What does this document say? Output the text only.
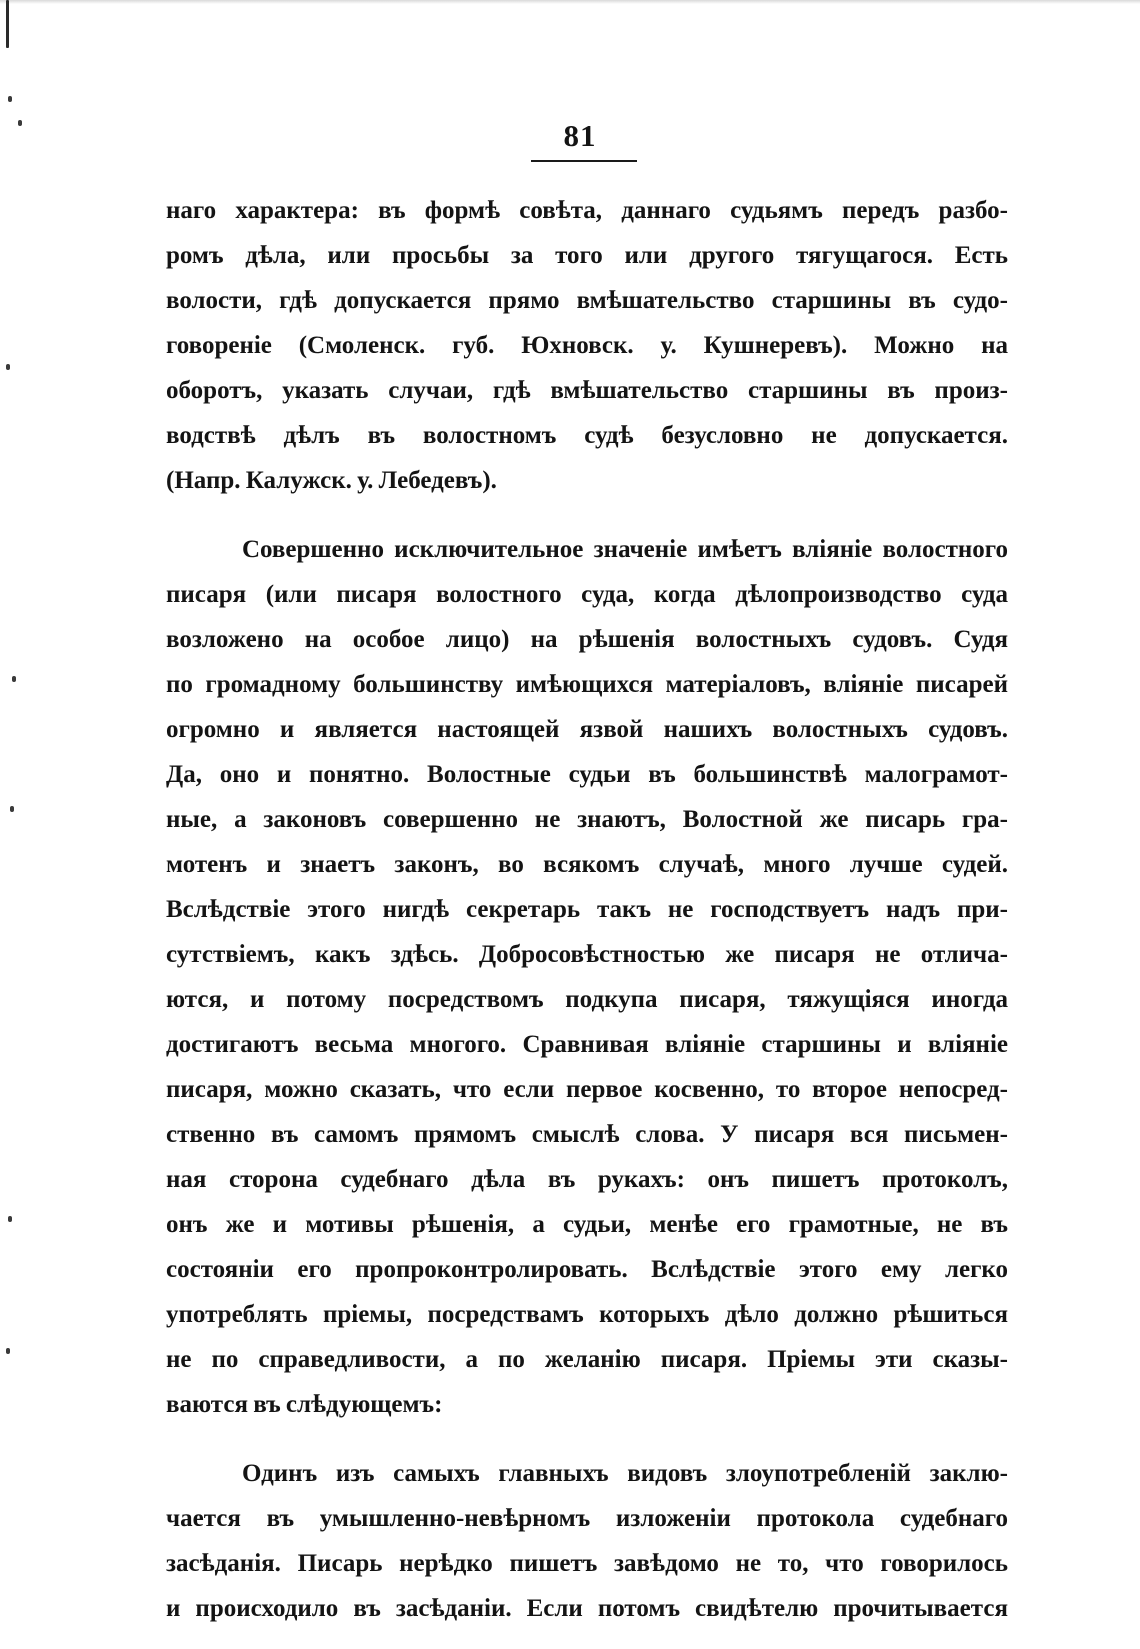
81
наго характера: въ формѣ совѣта, даннаго судьямъ передъ разбо-
ромъ дѣла, или просьбы за того или другого тягущагося. Есть
волости, гдѣ допускается прямо вмѣшательство старшины въ судо-
говореніе (Смоленск. губ. Юхновск. у. Кушнеревъ). Можно на
оборотъ, указать случаи, гдѣ вмѣшательство старшины въ произ-
водствѣ дѣлъ въ волостномъ судѣ безусловно не допускается.
(Напр. Калужск. у. Лебедевъ).
Совершенно исключительное значеніе имѣетъ вліяніе волостного
писаря (или писаря волостного суда, когда дѣлопроизводство суда
возложено на особое лицо) на рѣшенія волостныхъ судовъ. Судя
по громадному большинству имѣющихся матеріаловъ, вліяніе писарей
огромно и является настоящей язвой нашихъ волостныхъ судовъ.
Да, оно и понятно. Волостные судьи въ большинствѣ малограмот-
ные, а законовъ совершенно не знаютъ, Волостной же писарь гра-
мотенъ и знаетъ законъ, во всякомъ случаѣ, много лучше судей.
Вслѣдствіе этого нигдѣ секретарь такъ не господствуетъ надъ при-
сутствіемъ, какъ здѣсь. Добросовѣстностью же писаря не отлича-
ются, и потому посредствомъ подкупа писаря, тяжущіяся иногда
достигаютъ весьма многого. Сравнивая вліяніе старшины и вліяніе
писаря, можно сказать, что если первое косвенно, то второе непосред-
ственно въ самомъ прямомъ смыслѣ слова. У писаря вся письмен-
ная сторона судебнаго дѣла въ рукахъ: онъ пишетъ протоколъ,
онъ же и мотивы рѣшенія, а судьи, менѣе его грамотные, не въ
состояніи его пропроконтролировать. Вслѣдствіе этого ему легко
употреблять пріемы, посредствамъ которыхъ дѣло должно рѣшиться
не по справедливости, а по желанію писаря. Пріемы эти сказы-
ваются въ слѣдующемъ:
Одинъ изъ самыхъ главныхъ видовъ злоупотребленій заклю-
чается въ умышленно-невѣрномъ изложеніи протокола судебнаго
засѣданія. Писарь нерѣдко пишетъ завѣдомо не то, что говорилось
и происходило въ засѣданіи. Если потомъ свидѣтелю прочитывается
